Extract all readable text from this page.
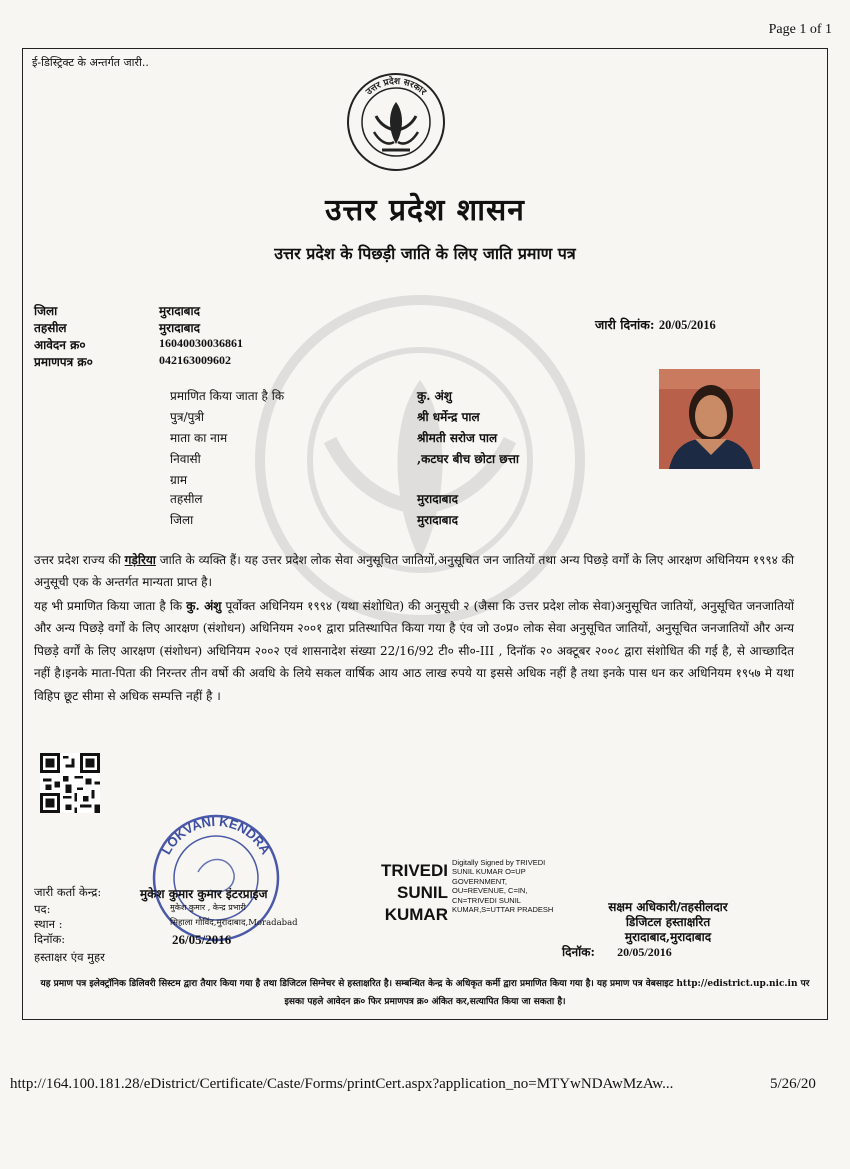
Page 1 of 1
ई-डिस्ट्रिक्ट के अन्तर्गत जारी..
उत्तर प्रदेश सरकार
उत्तर प्रदेश शासन
उत्तर प्रदेश के पिछड़ी जाति के लिए जाति प्रमाण पत्र
जिला	मुरादाबाद
तहसील	मुरादाबाद
आवेदन क्र०	16040030036861
प्रमाणपत्र क्र०	042163009602
जारी दिनांक: 20/05/2016
प्रमाणित किया जाता है कि	कु. अंशु
पुत्र/पुत्री	श्री धर्मेन्द्र पाल
माता का नाम	श्रीमती सरोज पाल
निवासी	,कटघर बीच छोटा छत्ता
ग्राम
तहसील	मुरादाबाद
जिला	मुरादाबाद
उत्तर प्रदेश राज्य की गड़ेरिया जाति के व्यक्ति हैं। यह उत्तर प्रदेश लोक सेवा अनुसूचित जातियों,अनुसूचित जन जातियों तथा अन्य पिछड़े वर्गों के लिए आरक्षण अधिनियम १९९४ की अनुसूची एक के अन्तर्गत मान्यता प्राप्त है।
यह भी प्रमाणित किया जाता है कि कु. अंशु पूर्वोक्त अधिनियम १९९४ (यथा संशोधित) की अनुसूची २ (जैसा कि उत्तर प्रदेश लोक सेवा)अनुसूचित जातियों, अनुसूचित जनजातियों और अन्य पिछड़े वर्गों के लिए आरक्षण (संशोधन) अधिनियम २००१ द्वारा प्रतिस्थापित किया गया है एंव जो उ०प्र० लोक सेवा अनुसूचित जातियों, अनुसूचित जनजातियों और अन्य पिछड़े वर्गों के लिए आरक्षण (संशोधन) अधिनियम २००२ एवं शासनादेश संख्या 22/16/92 टी० सी०-III , दिनॉक २० अक्टूबर २००८ द्वारा संशोधित की गई है, से आच्छादित नहीं है।इनके माता-पिता की निरन्तर तीन वर्षो की अवधि के लिये सकल वार्षिक आय आठ लाख रुपये या इससे अधिक नहीं है तथा इनके पास धन कर अधिनियम १९५७ मे यथा विहिप छूट सीमा से अधिक सम्पत्ति नहीं है ।
LOKVANI KENDRA
जारी कर्ता केन्द्र:	मुकेश कुमार कुमार इंटरप्राइज
पद:	मुकेश कुमार , केन्द्र प्रभारी
स्थान :	सिहाला गौविंद,मुरादाबाद,Moradabad
दिनॉक:	26/05/2016
हस्ताक्षर एंव मुहर
TRIVEDI
SUNIL
KUMAR
Digitally Signed by TRIVEDI SUNIL KUMAR O=UP GOVERNMENT, OU=REVENUE, C=IN, CN=TRIVEDI SUNIL KUMAR,S=UTTAR PRADESH	सक्षम अधिकारी/तहसीलदार
डिजिटल हस्ताक्षरित
मुरादाबाद,मुरादाबाद
दिनॉक: 20/05/2016
यह प्रमाण पत्र इलेक्ट्रॉनिक डिलिवरी सिस्टम द्वारा तैयार किया गया है तथा डिजिटल सिग्नेचर से हस्ताक्षरित है। सम्बन्धित केन्द्र के अधिकृत कर्मी द्वारा प्रमाणित किया गया है। यह प्रमाण पत्र वेबसाइट http://edistrict.up.nic.in पर इसका पहले आवेदन क्र० फिर प्रमाणपत्र क्र० अंकित कर,सत्यापित किया जा सकता है।
http://164.100.181.28/eDistrict/Certificate/Caste/Forms/printCert.aspx?application_no=MTYwNDAwMzAw...	5/26/20
